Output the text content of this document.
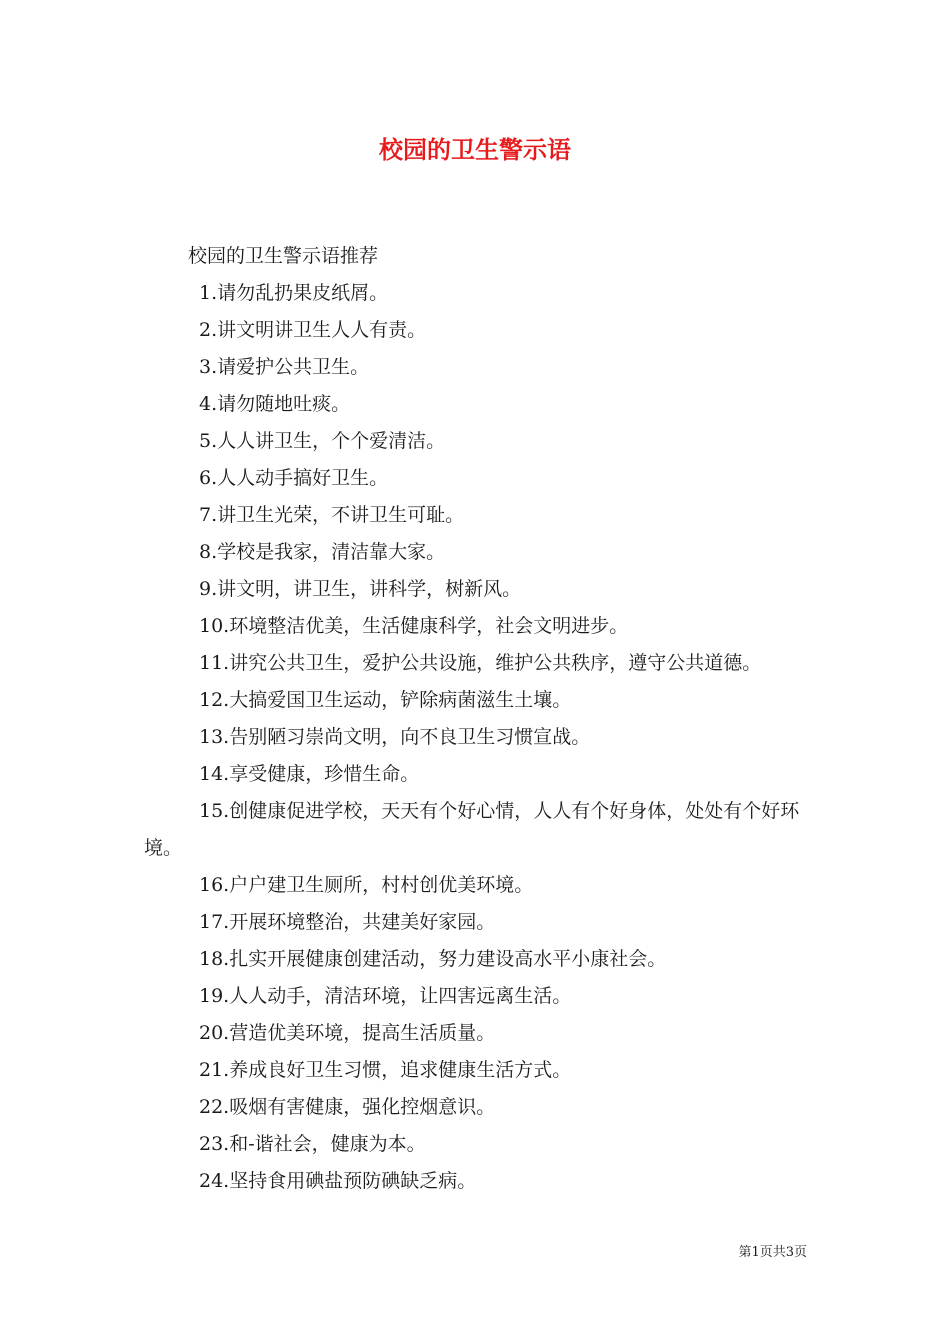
校园的卫生警示语

校园的卫生警示语推荐

1.请勿乱扔果皮纸屑。
2.讲文明讲卫生人人有责。
3.请爱护公共卫生。
4.请勿随地吐痰。
5.人人讲卫生，个个爱清洁。
6.人人动手搞好卫生。
7.讲卫生光荣，不讲卫生可耻。
8.学校是我家，清洁靠大家。
9.讲文明，讲卫生，讲科学，树新风。
10.环境整洁优美，生活健康科学，社会文明进步。
11.讲究公共卫生，爱护公共设施，维护公共秩序，遵守公共道德。
12.大搞爱国卫生运动，铲除病菌滋生土壤。
13.告别陋习崇尚文明，向不良卫生习惯宣战。
14.享受健康，珍惜生命。
15.创健康促进学校，天天有个好心情，人人有个好身体，处处有个好环境。
16.户户建卫生厕所，村村创优美环境。
17.开展环境整治，共建美好家园。
18.扎实开展健康创建活动，努力建设高水平小康社会。
19.人人动手，清洁环境，让四害远离生活。
20.营造优美环境，提高生活质量。
21.养成良好卫生习惯，追求健康生活方式。
22.吸烟有害健康，强化控烟意识。
23.和-谐社会，健康为本。
24.坚持食用碘盐预防碘缺乏病。
第1页共3页
